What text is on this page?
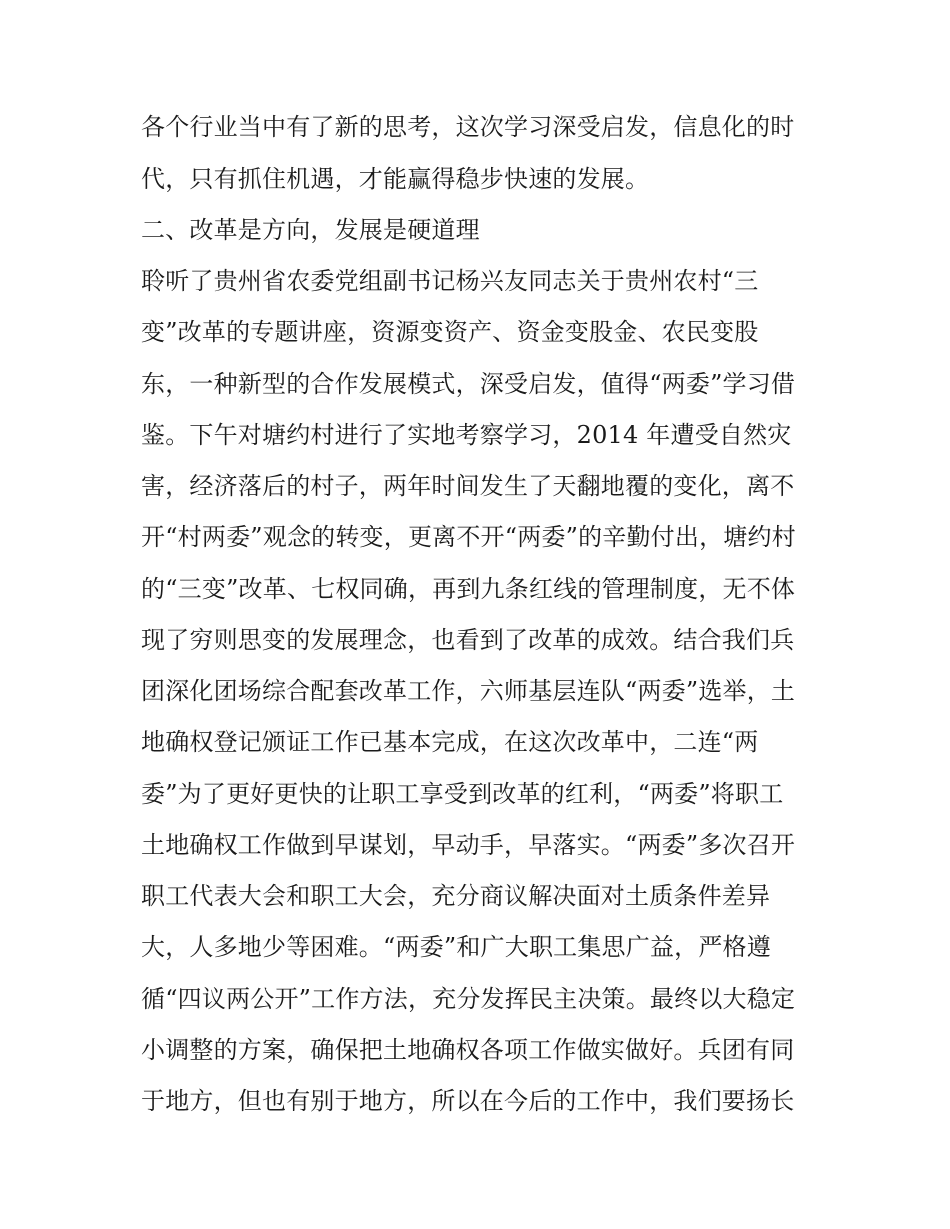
各个行业当中有了新的思考，这次学习深受启发，信息化的时
代，只有抓住机遇，才能赢得稳步快速的发展。
二、改革是方向，发展是硬道理
聆听了贵州省农委党组副书记杨兴友同志关于贵州农村“三
变”改革的专题讲座，资源变资产、资金变股金、农民变股
东，一种新型的合作发展模式，深受启发，值得“两委”学习借
鉴。下午对塘约村进行了实地考察学习，2014 年遭受自然灾
害，经济落后的村子，两年时间发生了天翻地覆的变化，离不
开“村两委”观念的转变，更离不开“两委”的辛勤付出，塘约村
的“三变”改革、七权同确，再到九条红线的管理制度，无不体
现了穷则思变的发展理念，也看到了改革的成效。结合我们兵
团深化团场综合配套改革工作，六师基层连队“两委”选举，土
地确权登记颁证工作已基本完成，在这次改革中，二连“两
委”为了更好更快的让职工享受到改革的红利，“两委”将职工
土地确权工作做到早谋划，早动手，早落实。“两委”多次召开
职工代表大会和职工大会，充分商议解决面对土质条件差异
大，人多地少等困难。“两委”和广大职工集思广益，严格遵
循“四议两公开”工作方法，充分发挥民主决策。最终以大稳定
小调整的方案，确保把土地确权各项工作做实做好。兵团有同
于地方，但也有别于地方，所以在今后的工作中，我们要扬长
